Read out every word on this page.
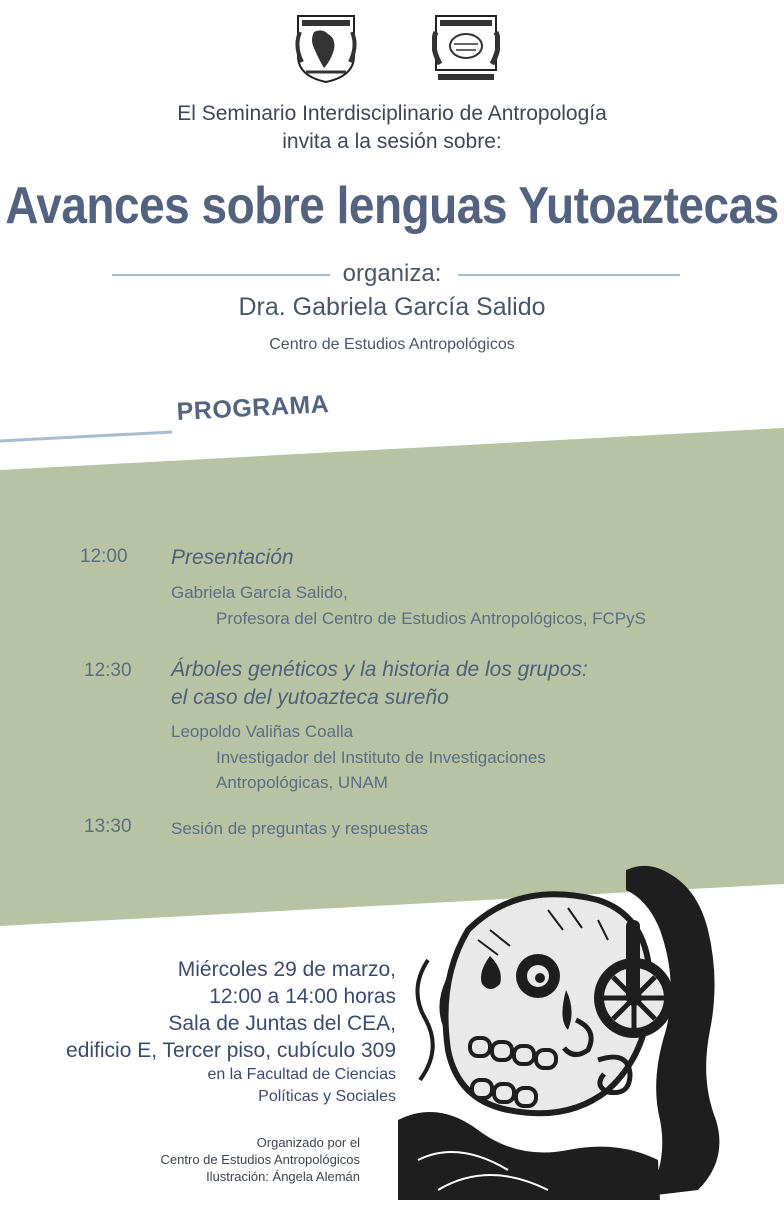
El Seminario Interdisciplinario de Antropología
invita a la sesión sobre:
Avances sobre lenguas Yutoaztecas
organiza:
Dra. Gabriela García Salido
Centro de Estudios Antropológicos
PROGRAMA
12:00 Presentación
Gabriela García Salido,
Profesora del Centro de Estudios Antropológicos, FCPyS
12:30 Árboles genéticos y la historia de los grupos:
el caso del yutoazteca sureño
Leopoldo Valiñas Coalla
Investigador del Instituto de Investigaciones
Antropológicas, UNAM
13:30 Sesión de preguntas y respuestas
Miércoles 29 de marzo,
12:00 a 14:00 horas
Sala de Juntas del CEA,
edificio E, Tercer piso, cubículo 309
en la Facultad de Ciencias
Políticas y Sociales
Organizado por el
Centro de Estudios Antropológicos
Ilustración: Ángela Alemán
